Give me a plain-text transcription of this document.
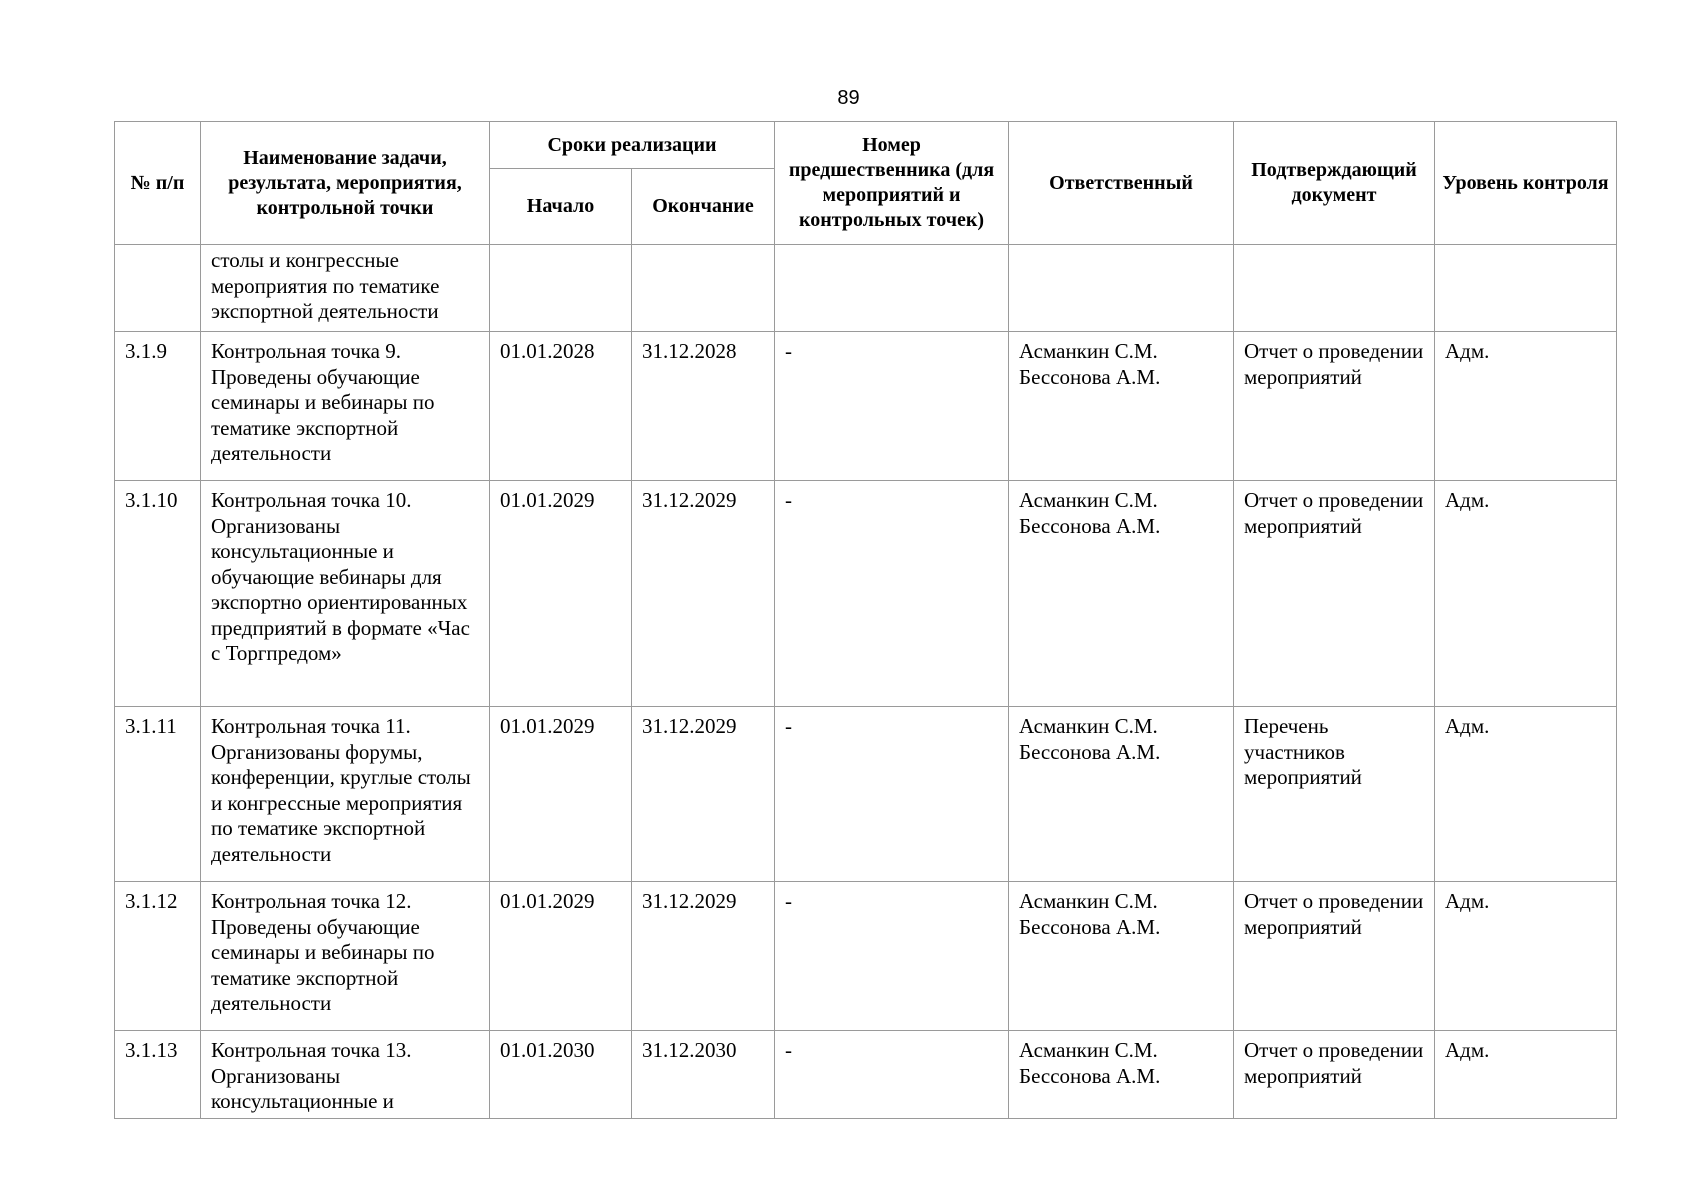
89
№ п/п	Наименование задачи, результата, мероприятия, контрольной точки	Сроки реализации		Номер предшественника (для мероприятий и контрольных точек)	Ответственный	Подтверждающий документ	Уровень контроля
		Начало	Окончание				
	столы и конгрессные мероприятия по тематике экспортной деятельности						
3.1.9	Контрольная точка 9. Проведены обучающие семинары и вебинары по тематике экспортной деятельности	01.01.2028	31.12.2028	-	Асманкин С.М. Бессонова А.М.	Отчет о проведении мероприятий	Адм.
3.1.10	Контрольная точка 10. Организованы консультационные и обучающие вебинары для экспортно ориентированных предприятий в формате «Час с Торгпредом»	01.01.2029	31.12.2029	-	Асманкин С.М. Бессонова А.М.	Отчет о проведении мероприятий	Адм.
3.1.11	Контрольная точка 11. Организованы форумы, конференции, круглые столы и конгрессные мероприятия по тематике экспортной деятельности	01.01.2029	31.12.2029	-	Асманкин С.М. Бессонова А.М.	Перечень участников мероприятий	Адм.
3.1.12	Контрольная точка 12. Проведены обучающие семинары и вебинары по тематике экспортной деятельности	01.01.2029	31.12.2029	-	Асманкин С.М. Бессонова А.М.	Отчет о проведении мероприятий	Адм.
3.1.13	Контрольная точка 13. Организованы консультационные и	01.01.2030	31.12.2030	-	Асманкин С.М. Бессонова А.М.	Отчет о проведении мероприятий	Адм.
